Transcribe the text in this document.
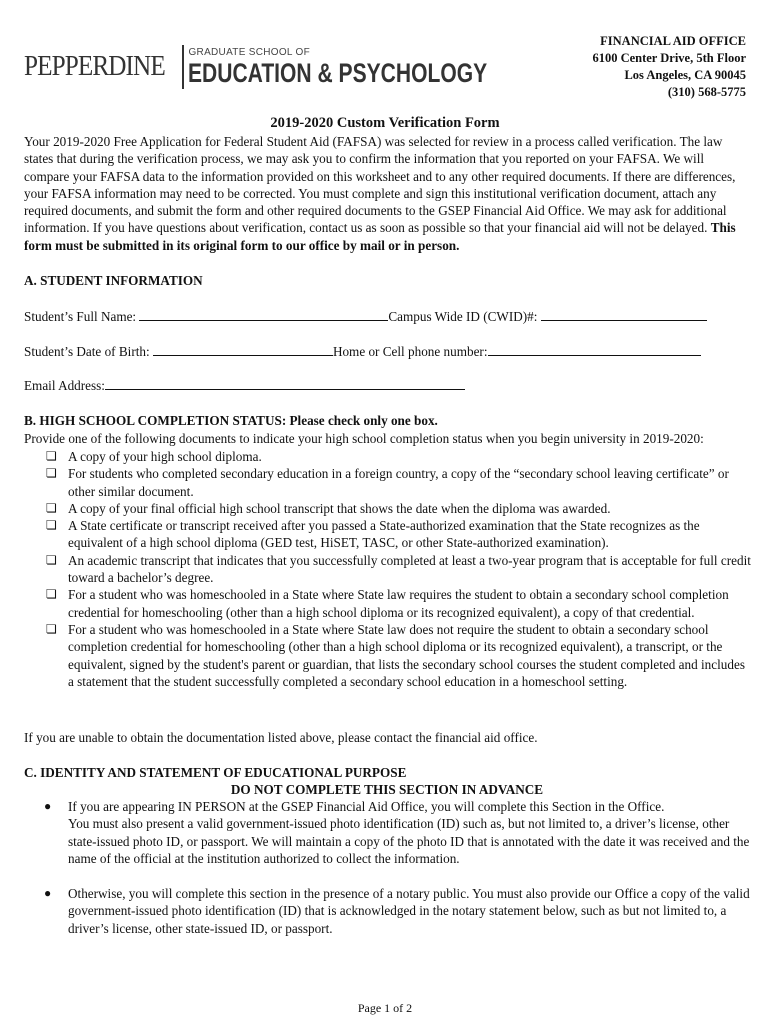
PEPPERDINE GRADUATE SCHOOL OF
EDUCATION & PSYCHOLOGY
FINANCIAL AID OFFICE
6100 Center Drive, 5th Floor
Los Angeles, CA 90045
(310) 568-5775
2019-2020 Custom Verification Form
Your 2019-2020 Free Application for Federal Student Aid (FAFSA) was selected for review in a process called verification. The law states that during the verification process, we may ask you to confirm the information that you reported on your FAFSA. We will compare your FAFSA data to the information provided on this worksheet and to any other required documents. If there are differences, your FAFSA information may need to be corrected. You must complete and sign this institutional verification document, attach any required documents, and submit the form and other required documents to the GSEP Financial Aid Office. We may ask for additional information. If you have questions about verification, contact us as soon as possible so that your financial aid will not be delayed. This form must be submitted in its original form to our office by mail or in person.
A. STUDENT INFORMATION
Student’s Full Name:	Campus Wide ID (CWID)#:
Student’s Date of Birth:	Home or Cell phone number:
Email Address:
B. HIGH SCHOOL COMPLETION STATUS: Please check only one box.
Provide one of the following documents to indicate your high school completion status when you begin university in 2019-2020:
❏ A copy of your high school diploma.
❏ For students who completed secondary education in a foreign country, a copy of the “secondary school leaving certificate” or other similar document.
❏ A copy of your final official high school transcript that shows the date when the diploma was awarded.
❏ A State certificate or transcript received after you passed a State-authorized examination that the State recognizes as the equivalent of a high school diploma (GED test, HiSET, TASC, or other State-authorized examination).
❏ An academic transcript that indicates that you successfully completed at least a two-year program that is acceptable for full credit toward a bachelor’s degree.
❏ For a student who was homeschooled in a State where State law requires the student to obtain a secondary school completion credential for homeschooling (other than a high school diploma or its recognized equivalent), a copy of that credential.
❏ For a student who was homeschooled in a State where State law does not require the student to obtain a secondary school completion credential for homeschooling (other than a high school diploma or its recognized equivalent), a transcript, or the equivalent, signed by the student's parent or guardian, that lists the secondary school courses the student completed and includes a statement that the student successfully completed a secondary school education in a homeschool setting.
If you are unable to obtain the documentation listed above, please contact the financial aid office.
C. IDENTITY AND STATEMENT OF EDUCATIONAL PURPOSE
DO NOT COMPLETE THIS SECTION IN ADVANCE
● If you are appearing IN PERSON at the GSEP Financial Aid Office, you will complete this Section in the Office.
You must also present a valid government-issued photo identification (ID) such as, but not limited to, a driver’s license, other state-issued photo ID, or passport. We will maintain a copy of the photo ID that is annotated with the date it was received and the name of the official at the institution authorized to collect the information.
● Otherwise, you will complete this section in the presence of a notary public. You must also provide our Office a copy of the valid government-issued photo identification (ID) that is acknowledged in the notary statement below, such as but not limited to, a driver’s license, other state-issued ID, or passport.
Page 1 of 2
